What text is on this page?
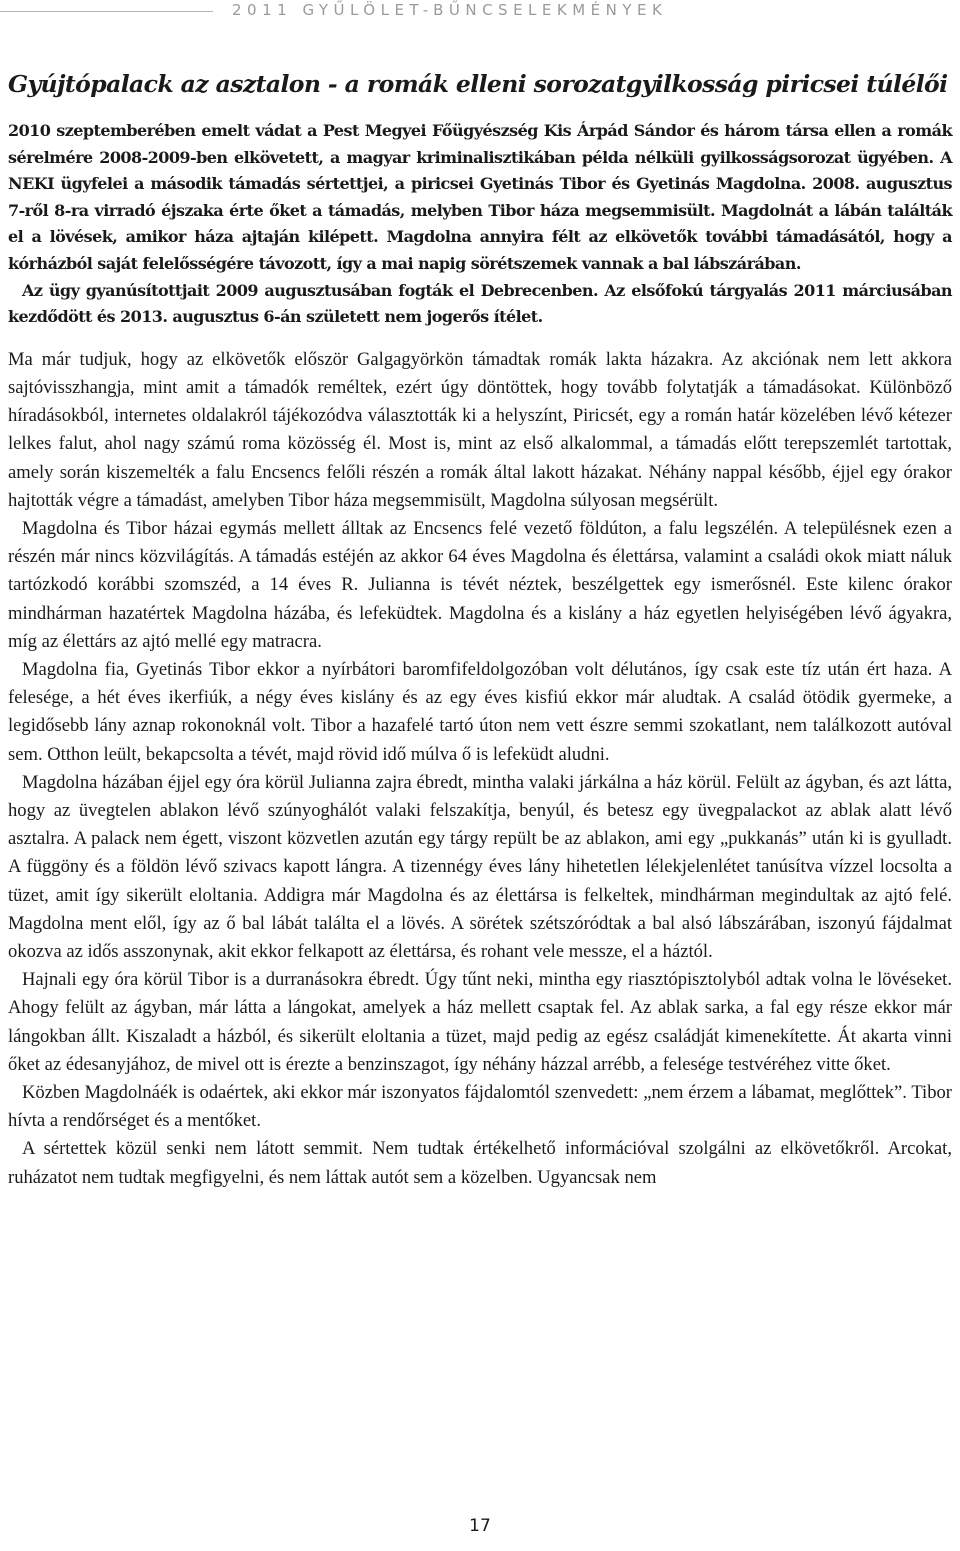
2011 GYŰLÖLET-BŰNCSELEKMÉNYEK
Gyújtópalack az asztalon - a romák elleni sorozatgyilkosság piricsei túlélői

2010 szeptemberében emelt vádat a Pest Megyei Főügyészség Kis Árpád Sándor és három társa ellen a romák sérelmére 2008-2009-ben elkövetett, a magyar kriminalisztikában példa nélküli gyilkosságsorozat ügyében. A NEKI ügyfelei a második támadás sértettjei, a piricsei Gyetinás Tibor és Gyetinás Magdolna. 2008. augusztus 7-ről 8-ra virradó éjszaka érte őket a támadás, melyben Tibor háza megsemmisült. Magdolnát a lábán találták el a lövések, amikor háza ajtaján kilépett. Magdolna annyira félt az elkövetők további támadásától, hogy a kórházból saját felelősségére távozott, így a mai napig sörétszemek vannak a bal lábszárában.

Az ügy gyanúsítottjait 2009 augusztusában fogták el Debrecenben. Az elsőfokú tárgyalás 2011 márciusában kezdődött és 2013. augusztus 6-án született nem jogerős ítélet.

Ma már tudjuk, hogy az elkövetők először Galgagyörkön támadtak romák lakta házakra. Az akciónak nem lett akkora sajtóvisszhangja, mint amit a támadók reméltek, ezért úgy döntöttek, hogy tovább folytatják a támadásokat. Különböző híradásokból, internetes oldalakról tájékozódva választották ki a helyszínt, Piricsét, egy a román határ közelében lévő kétezer lelkes falut, ahol nagy számú roma közösség él. Most is, mint az első alkalommal, a támadás előtt terepszemlét tartottak, amely során kiszemelték a falu Encsencs felőli részén a romák által lakott házakat. Néhány nappal később, éjjel egy órakor hajtották végre a támadást, amelyben Tibor háza megsemmisült, Magdolna súlyosan megsérült.

Magdolna és Tibor házai egymás mellett álltak az Encsencs felé vezető földúton, a falu legszélén. A településnek ezen a részén már nincs közvilágítás. A támadás estéjén az akkor 64 éves Magdolna és élettársa, valamint a családi okok miatt náluk tartózkodó korábbi szomszéd, a 14 éves R. Julianna is tévét néztek, beszélgettek egy ismerősnél. Este kilenc órakor mindhárman hazatértek Magdolna házába, és lefeküdtek. Magdolna és a kislány a ház egyetlen helyiségében lévő ágyakra, míg az élettárs az ajtó mellé egy matracra.

Magdolna fia, Gyetinás Tibor ekkor a nyírbátori baromfifeldolgozóban volt délutános, így csak este tíz után ért haza. A felesége, a hét éves ikerfiúk, a négy éves kislány és az egy éves kisfiú ekkor már aludtak. A család ötödik gyermeke, a legidősebb lány aznap rokonoknál volt. Tibor a hazafelé tartó úton nem vett észre semmi szokatlant, nem találkozott autóval sem. Otthon leült, bekapcsolta a tévét, majd rövid idő múlva ő is lefeküdt aludni.

Magdolna házában éjjel egy óra körül Julianna zajra ébredt, mintha valaki járkálna a ház körül. Felült az ágyban, és azt látta, hogy az üvegtelen ablakon lévő szúnyoghálót valaki felszakítja, benyúl, és betesz egy üvegpalackot az ablak alatt lévő asztalra. A palack nem égett, viszont közvetlen azután egy tárgy repült be az ablakon, ami egy „pukkanás” után ki is gyulladt. A függöny és a földön lévő szivacs kapott lángra. A tizennégy éves lány hihetetlen lélekjelenlétet tanúsítva vízzel locsolta a tüzet, amit így sikerült eloltania. Addigra már Magdolna és az élettársa is felkeltek, mindhárman megindultak az ajtó felé. Magdolna ment elől, így az ő bal lábát találta el a lövés. A sörétek szétszóródtak a bal alsó lábszárában, iszonyú fájdalmat okozva az idős asszonynak, akit ekkor felkapott az élettársa, és rohant vele messze, el a háztól.

Hajnali egy óra körül Tibor is a durranásokra ébredt. Úgy tűnt neki, mintha egy riasztópisztolyból adtak volna le lövéseket. Ahogy felült az ágyban, már látta a lángokat, amelyek a ház mellett csaptak fel. Az ablak sarka, a fal egy része ekkor már lángokban állt. Kiszaladt a házból, és sikerült eloltania a tüzet, majd pedig az egész családját kimenekítette. Át akarta vinni őket az édesanyjához, de mivel ott is érezte a benzinszagot, így néhány házzal arrébb, a felesége testvéréhez vitte őket.

Közben Magdolnáék is odaértek, aki ekkor már iszonyatos fájdalomtól szenvedett: „nem érzem a lábamat, meglőttek”. Tibor hívta a rendőrséget és a mentőket.

A sértettek közül senki nem látott semmit. Nem tudtak értékelhető információval szolgálni az elkövetőkről. Arcokat, ruházatot nem tudtak megfigyelni, és nem láttak autót sem a közelben. Ugyancsak nem

17
